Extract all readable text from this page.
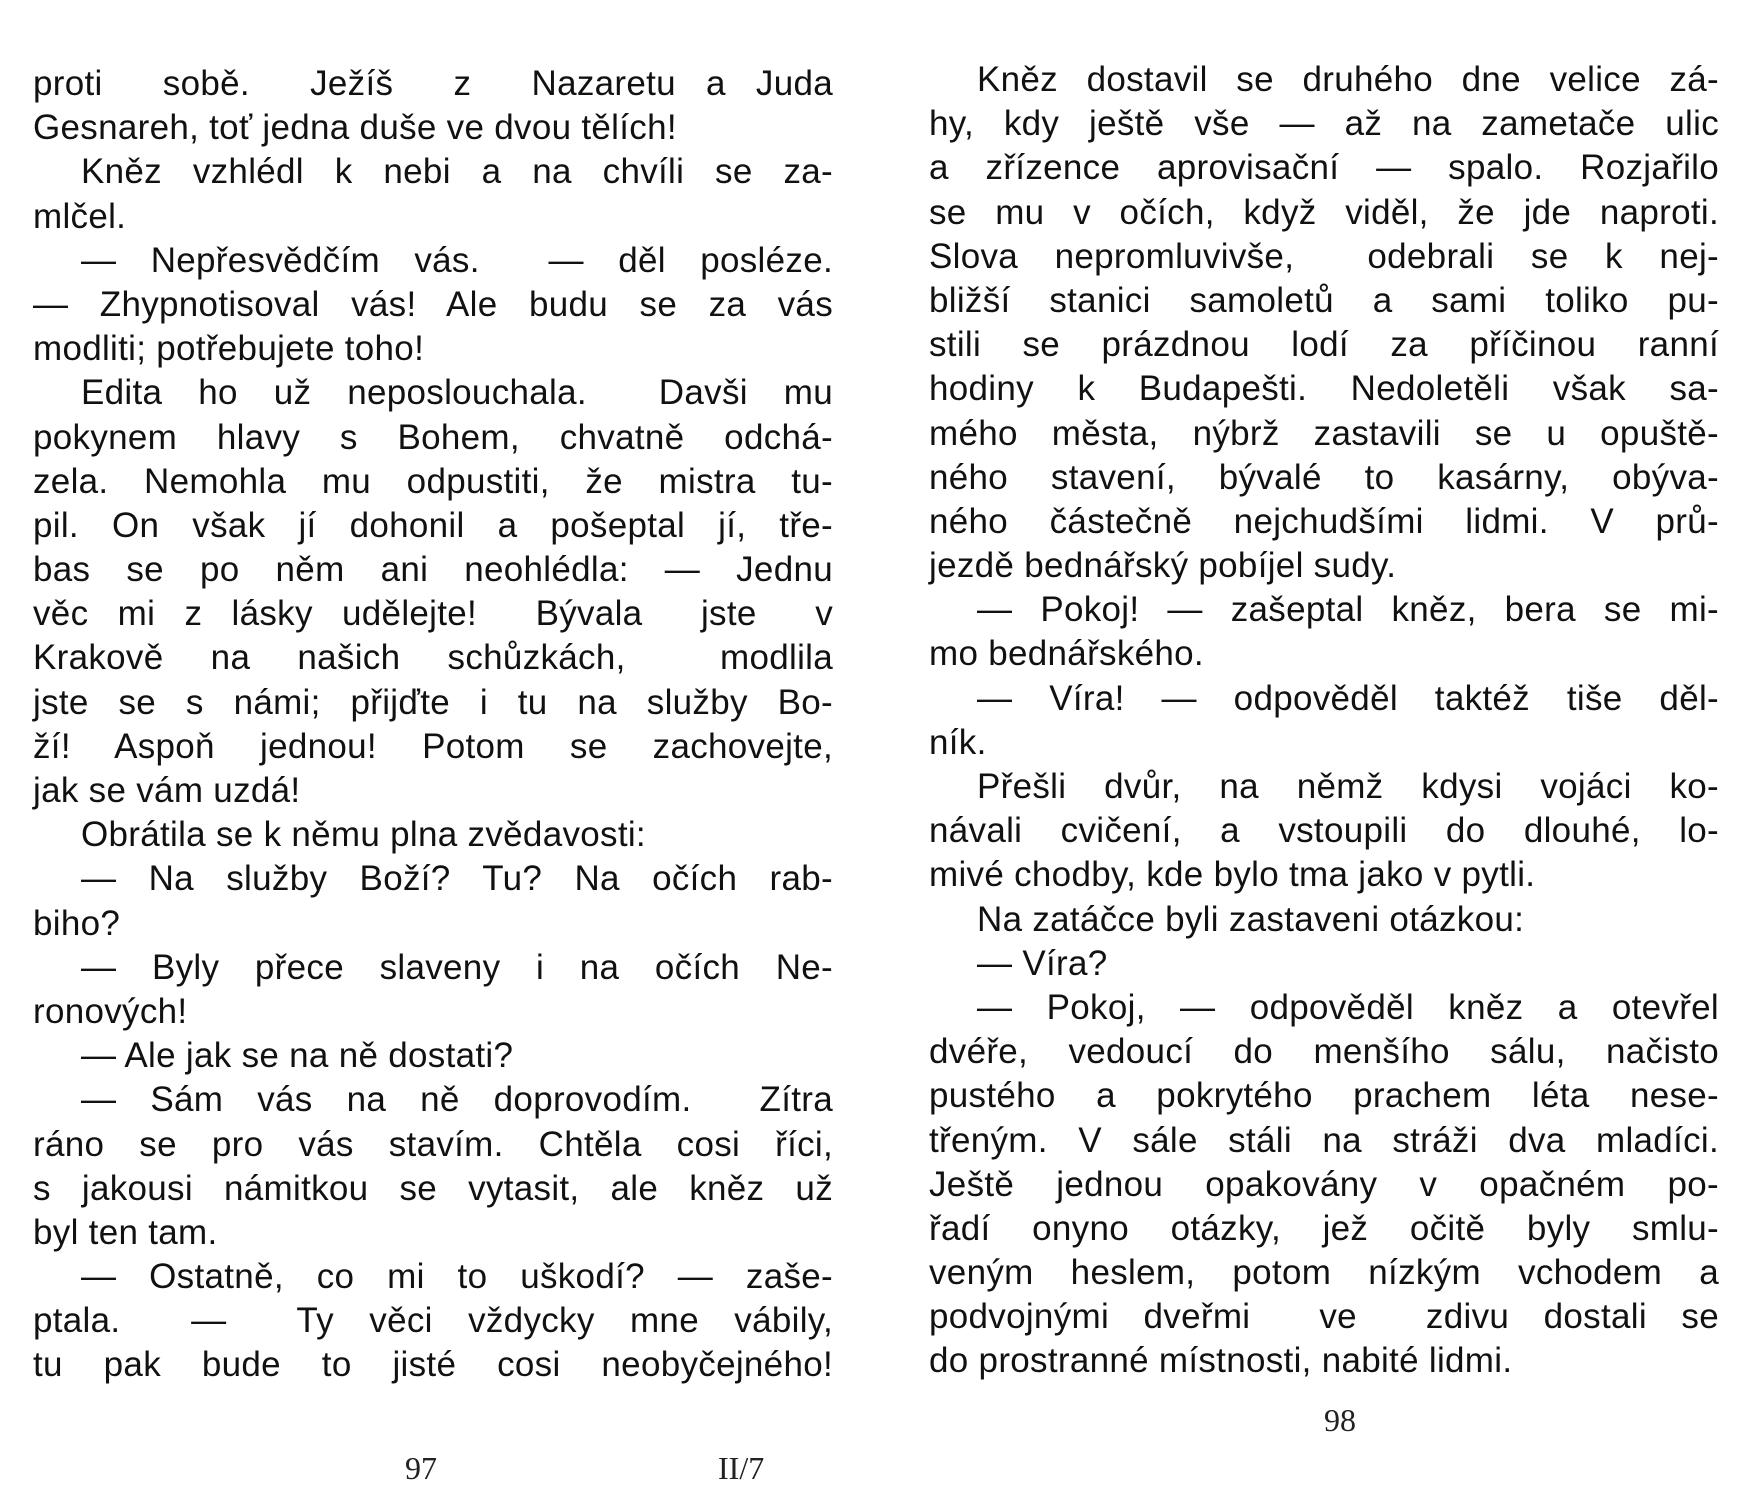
proti  sobě.  Ježíš  z  Nazaretu a Juda
Gesnareh, toť jedna duše ve dvou tělích!
Kněz vzhlédl k nebi a na chvíli se za-
mlčel.
— Nepřesvědčím vás.  — děl posléze.
— Zhypnotisoval vás! Ale budu se za vás
modliti; potřebujete toho!
Edita ho už neposlouchala.  Davši mu
pokynem hlavy s Bohem, chvatně odchá-
zela. Nemohla mu odpustiti, že mistra tu-
pil. On však jí dohonil a pošeptal jí, tře-
bas se po něm ani neohlédla: — Jednu
věc mi z lásky udělejte!  Bývala  jste  v
Krakově na našich schůzkách,  modlila
jste se s námi; přijďte i tu na služby Bo-
ží! Aspoň jednou! Potom se zachovejte,
jak se vám uzdá!
Obrátila se k němu plna zvědavosti:
— Na služby Boží? Tu? Na očích rab-
biho?
— Byly přece slaveny i na očích Ne-
ronových!
— Ale jak se na ně dostati?
— Sám vás na ně doprovodím.  Zítra
ráno se pro vás stavím. Chtěla cosi říci,
s jakousi námitkou se vytasit, ale kněz už
byl ten tam.
— Ostatně, co mi to uškodí? — zaše-
ptala.  —  Ty věci vždycky mne vábily,
tu pak bude to jisté cosi neobyčejného!
97	II/7
Kněz dostavil se druhého dne velice zá-
hy, kdy ještě vše — až na zametače ulic
a zřízence aprovisační — spalo. Rozjařilo
se mu v očích, když viděl, že jde naproti.
Slova nepromluvivše,  odebrali se k nej-
bližší stanici samoletů a sami toliko pu-
stili se prázdnou lodí za příčinou ranní
hodiny k Budapešti. Nedoletěli však sa-
mého města, nýbrž zastavili se u opuště-
ného stavení, bývalé to kasárny, obýva-
ného částečně nejchudšími lidmi. V prů-
jezdě bednářský pobíjel sudy.
— Pokoj! — zašeptal kněz, bera se mi-
mo bednářského.
— Víra! — odpověděl taktéž tiše děl-
ník.
Přešli dvůr, na němž kdysi vojáci ko-
návali cvičení, a vstoupili do dlouhé, lo-
mivé chodby, kde bylo tma jako v pytli.
Na zatáčce byli zastaveni otázkou:
— Víra?
— Pokoj, — odpověděl kněz a otevřel
dvéře, vedoucí do menšího sálu, načisto
pustého a pokrytého prachem léta nese-
třeným. V sále stáli na stráži dva mladíci.
Ještě jednou opakovány v opačném po-
řadí onyno otázky, jež očitě byly smlu-
veným heslem, potom nízkým vchodem a
podvojnými dveřmi  ve  zdivu dostali se
do prostranné místnosti, nabité lidmi.
98
